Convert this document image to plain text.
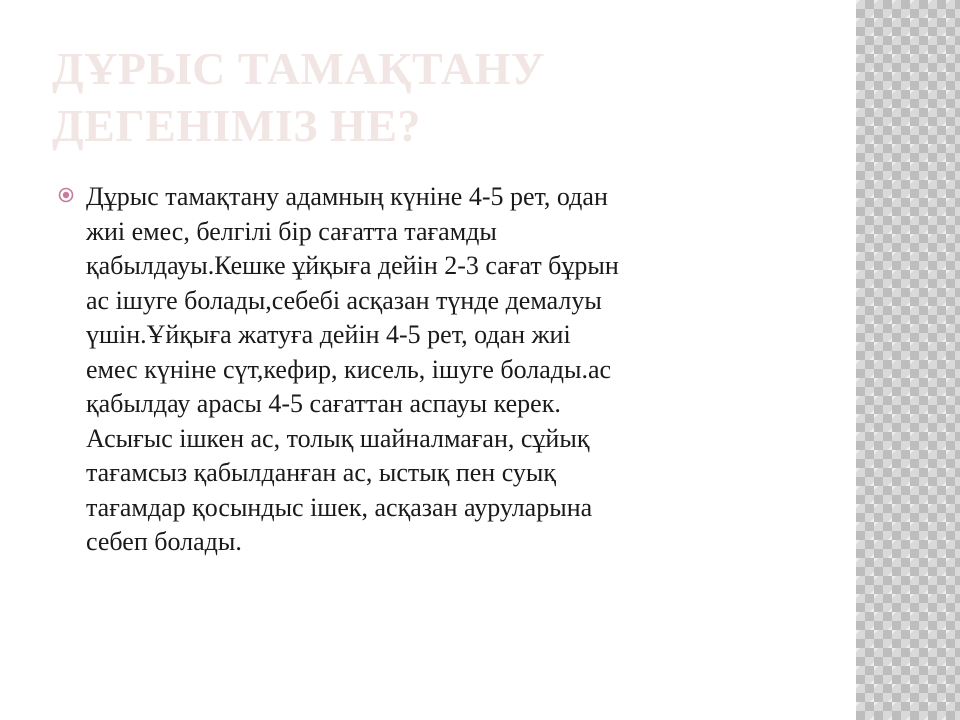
ДҰРЫС ТАМАҚТАНУ
ДЕГЕНІМІЗ НЕ?

Дұрыс тамақтану адамның күніне 4-5 рет, одан
жиі емес, белгілі бір сағатта тағамды
қабылдауы.Кешке ұйқыға дейін 2-3 сағат бұрын
ас ішуге болады,себебі асқазан түнде демалуы
үшін.Ұйқыға жатуға дейін 4-5 рет, одан жиі
емес күніне сүт,кефир, кисель, ішуге болады.ас
қабылдау арасы 4-5 сағаттан аспауы керек.
Асығыс ішкен ас, толық шайналмаған, сұйық
тағамсыз қабылданған ас, ыстық пен суық
тағамдар қосындыс ішек, асқазан ауруларына
себеп болады.
